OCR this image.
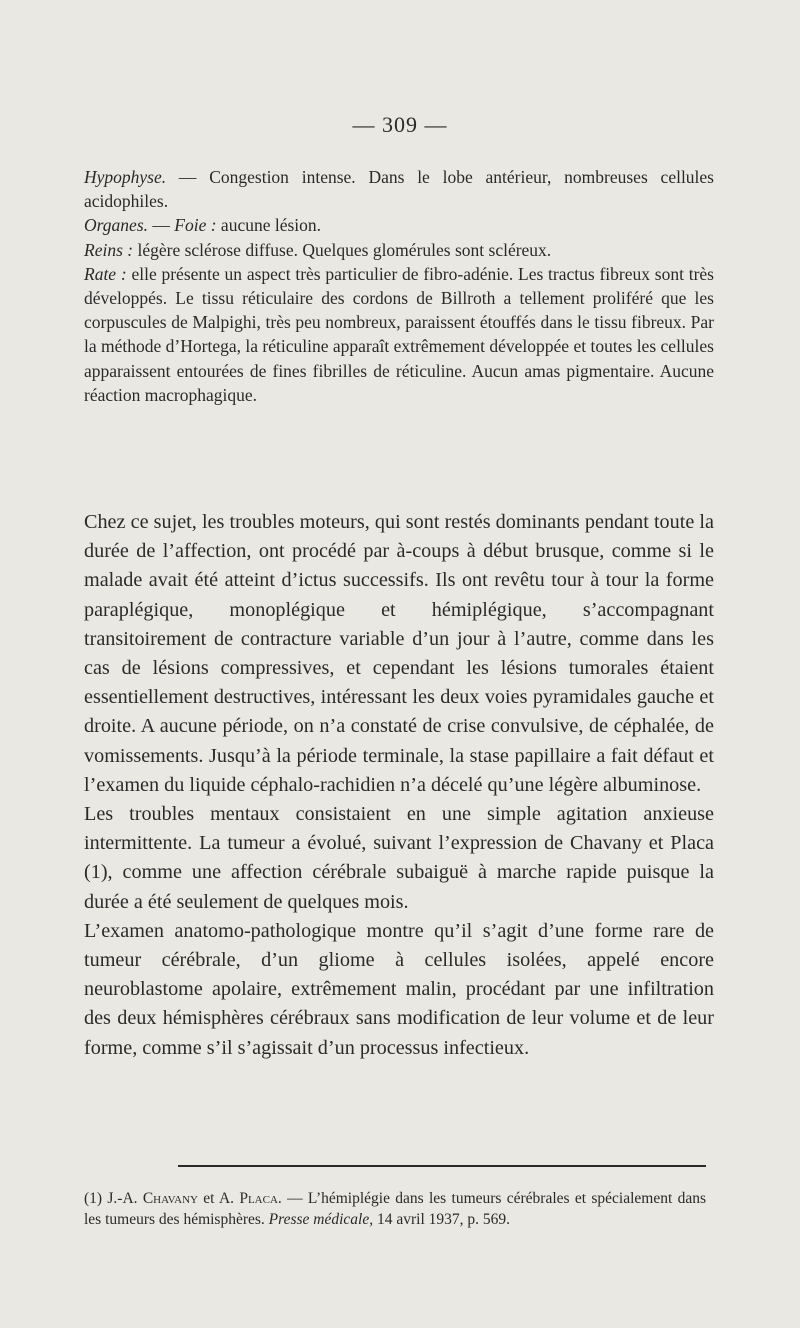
— 309 —

Hypophyse. — Congestion intense. Dans le lobe antérieur, nombreuses cellules acidophiles.

Organes. — Foie : aucune lésion.

Reins : légère sclérose diffuse. Quelques glomérules sont scléreux.

Rate : elle présente un aspect très particulier de fibro-adénie. Les tractus fibreux sont très développés. Le tissu réticulaire des cordons de Billroth a tellement proliféré que les corpuscules de Malpighi, très peu nombreux, paraissent étouffés dans le tissu fibreux. Par la méthode d’Hortega, la réticuline apparaît extrêmement développée et toutes les cellules apparaissent entourées de fines fibrilles de réticuline. Aucun amas pigmentaire. Aucune réaction macrophagique.

Chez ce sujet, les troubles moteurs, qui sont restés dominants pendant toute la durée de l’affection, ont procédé par à-coups à début brusque, comme si le malade avait été atteint d’ictus successifs. Ils ont revêtu tour à tour la forme paraplégique, monoplégique et hémiplégique, s’accompagnant transitoirement de contracture variable d’un jour à l’autre, comme dans les cas de lésions compressives, et cependant les lésions tumorales étaient essentiellement destructives, intéressant les deux voies pyramidales gauche et droite. A aucune période, on n’a constaté de crise convulsive, de céphalée, de vomissements. Jusqu’à la période terminale, la stase papillaire a fait défaut et l’examen du liquide céphalo-rachidien n’a décelé qu’une légère albuminose.

Les troubles mentaux consistaient en une simple agitation anxieuse intermittente. La tumeur a évolué, suivant l’expression de Chavany et Placa (1), comme une affection cérébrale subaiguë à marche rapide puisque la durée a été seulement de quelques mois.

L’examen anatomo-pathologique montre qu’il s’agit d’une forme rare de tumeur cérébrale, d’un gliome à cellules isolées, appelé encore neuroblastome apolaire, extrêmement malin, procédant par une infiltration des deux hémisphères cérébraux sans modification de leur volume et de leur forme, comme s’il s’agissait d’un processus infectieux.

(1) J.-A. Chavany et A. Placa. — L’hémiplégie dans les tumeurs cérébrales et spécialement dans les tumeurs des hémisphères. Presse médicale, 14 avril 1937, p. 569.
